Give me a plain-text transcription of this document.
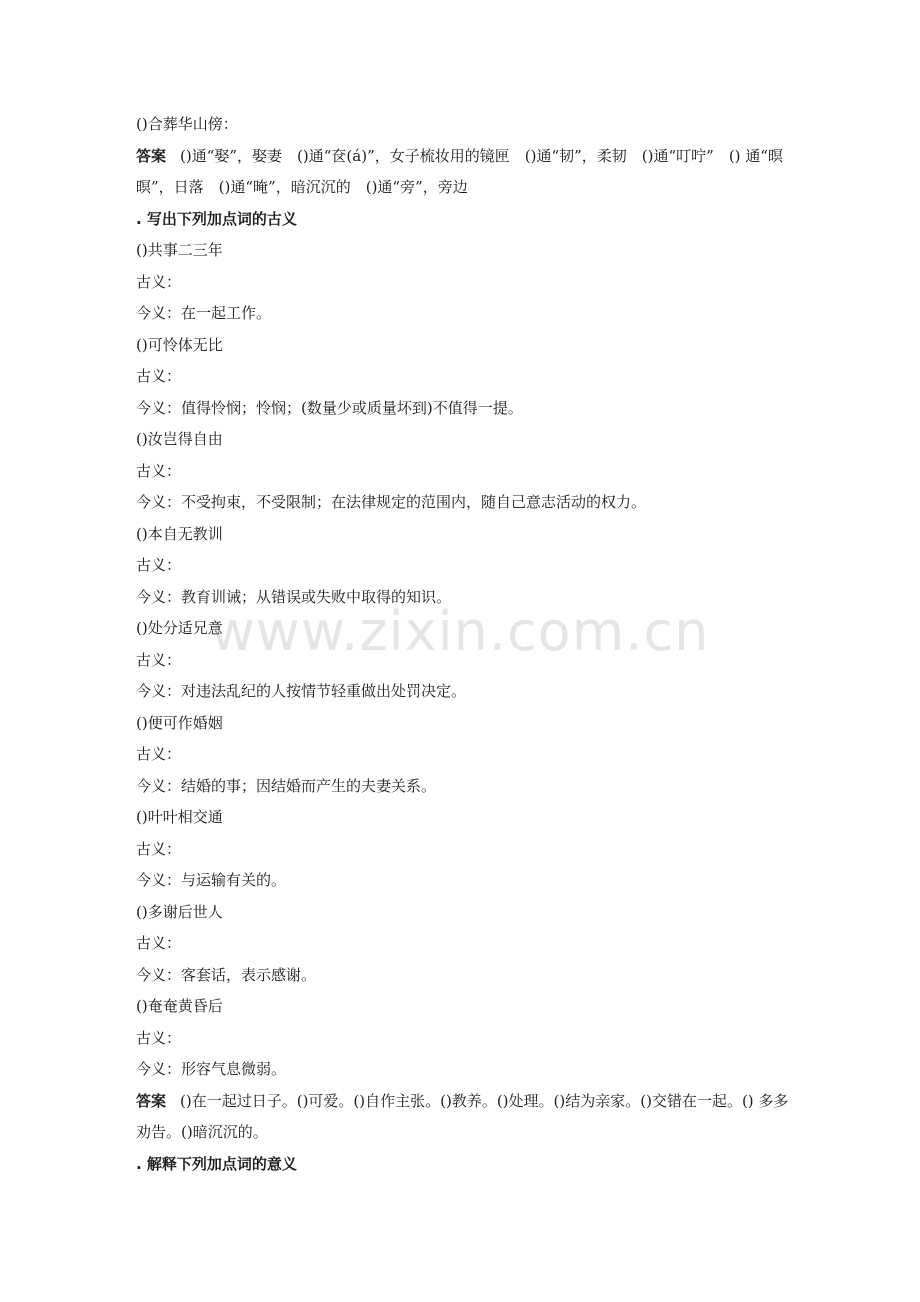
www.zixin.com.cn
()合葬华山傍：
答案 ()通“娶”，娶妻　()通“奁(á)”，女子梳妆用的镜匣　()通“韧”，柔韧　()通“叮咛”　() 通“暝暝”，日落　()通“晻”，暗沉沉的　()通“旁”，旁边
. 写出下列加点词的古义
()共事二三年
古义：
今义：在一起工作。
()可怜体无比
古义：
今义：值得怜悯；怜悯；(数量少或质量坏到)不值得一提。
()汝岂得自由
古义：
今义：不受拘束，不受限制；在法律规定的范围内，随自己意志活动的权力。
()本自无教训
古义：
今义：教育训诫；从错误或失败中取得的知识。
()处分适兄意
古义：
今义：对违法乱纪的人按情节轻重做出处罚决定。
()便可作婚姻
古义：
今义：结婚的事；因结婚而产生的夫妻关系。
()叶叶相交通
古义：
今义：与运输有关的。
()多谢后世人
古义：
今义：客套话，表示感谢。
()奄奄黄昏后
古义：
今义：形容气息微弱。
答案 ()在一起过日子。()可爱。()自作主张。()教养。()处理。()结为亲家。()交错在一起。() 多多劝告。()暗沉沉的。
. 解释下列加点词的意义
